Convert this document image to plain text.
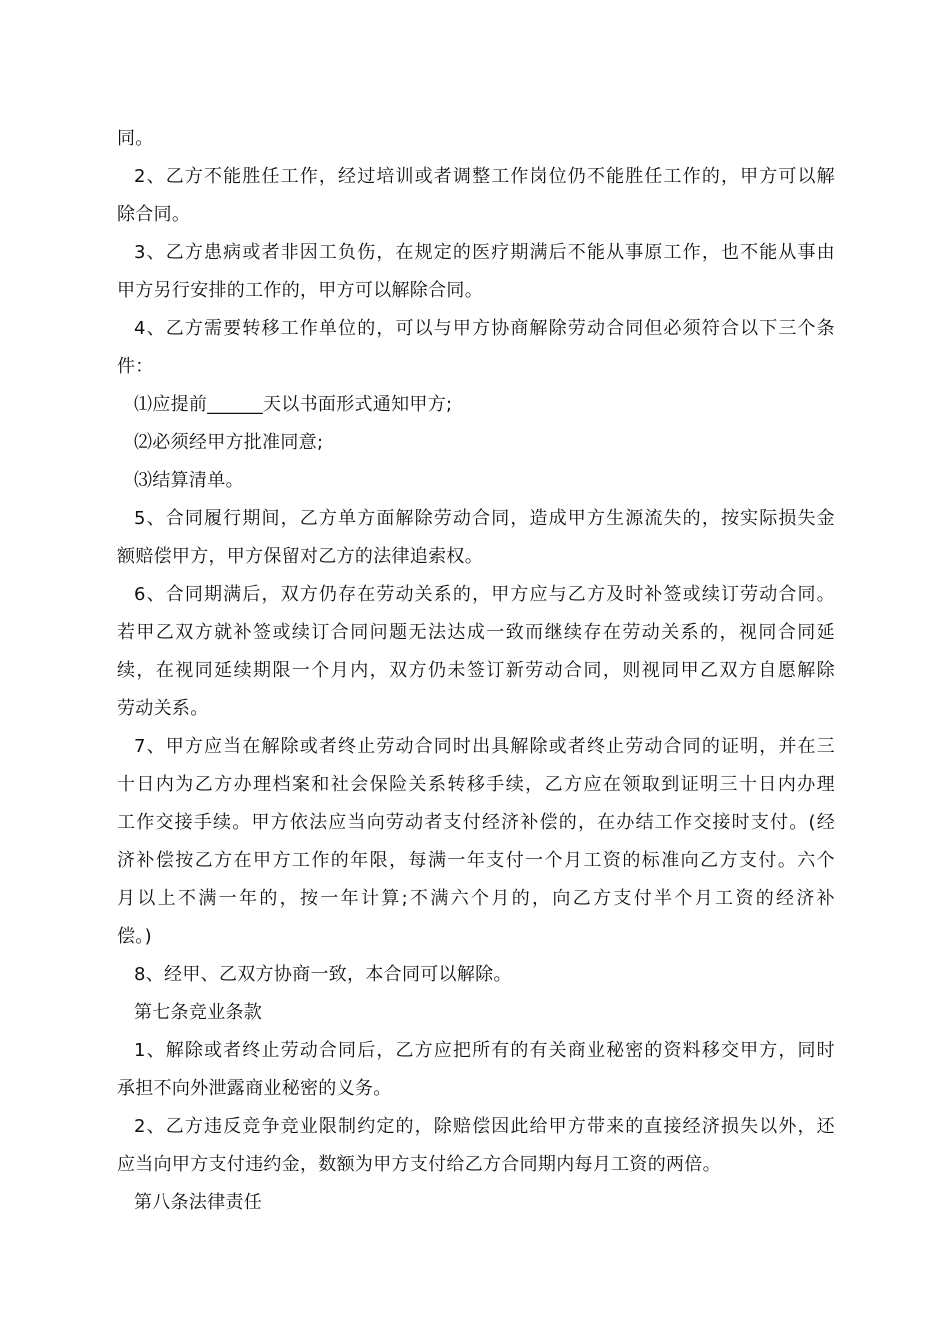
同。
2、乙方不能胜任工作，经过培训或者调整工作岗位仍不能胜任工作的，甲方可以解
除合同。
3、乙方患病或者非因工负伤，在规定的医疗期满后不能从事原工作，也不能从事由
甲方另行安排的工作的，甲方可以解除合同。
4、乙方需要转移工作单位的，可以与甲方协商解除劳动合同但必须符合以下三个条
件：
⑴应提前______天以书面形式通知甲方;
⑵必须经甲方批准同意;
⑶结算清单。
5、合同履行期间，乙方单方面解除劳动合同，造成甲方生源流失的，按实际损失金
额赔偿甲方，甲方保留对乙方的法律追索权。
6、合同期满后，双方仍存在劳动关系的，甲方应与乙方及时补签或续订劳动合同。
若甲乙双方就补签或续订合同问题无法达成一致而继续存在劳动关系的，视同合同延
续，在视同延续期限一个月内，双方仍未签订新劳动合同，则视同甲乙双方自愿解除
劳动关系。
7、甲方应当在解除或者终止劳动合同时出具解除或者终止劳动合同的证明，并在三
十日内为乙方办理档案和社会保险关系转移手续，乙方应在领取到证明三十日内办理
工作交接手续。甲方依法应当向劳动者支付经济补偿的，在办结工作交接时支付。(经
济补偿按乙方在甲方工作的年限，每满一年支付一个月工资的标准向乙方支付。六个
月以上不满一年的，按一年计算;不满六个月的，向乙方支付半个月工资的经济补
偿。)
8、经甲、乙双方协商一致，本合同可以解除。
第七条竞业条款
1、解除或者终止劳动合同后，乙方应把所有的有关商业秘密的资料移交甲方，同时
承担不向外泄露商业秘密的义务。
2、乙方违反竞争竞业限制约定的，除赔偿因此给甲方带来的直接经济损失以外，还
应当向甲方支付违约金，数额为甲方支付给乙方合同期内每月工资的两倍。
第八条法律责任
